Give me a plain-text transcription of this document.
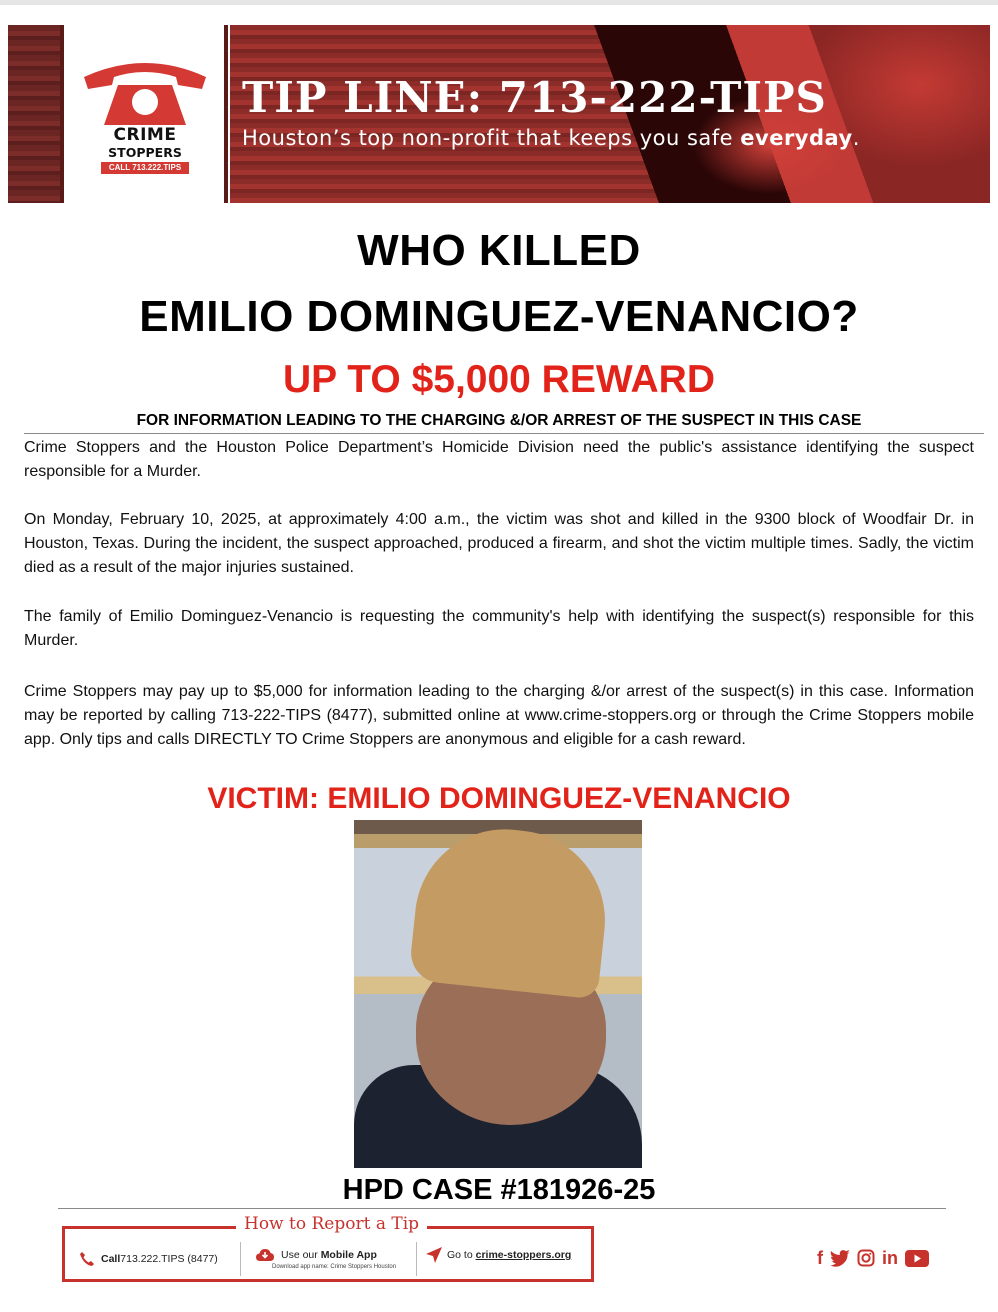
CRIME
STOPPERS
CALL 713.222.TIPS
TIP LINE: 713-222-TIPS
Houston’s top non-profit that keeps you safe everyday.
WHO KILLED
EMILIO DOMINGUEZ-VENANCIO?
UP TO $5,000 REWARD
FOR INFORMATION LEADING TO THE CHARGING &/OR ARREST OF THE SUSPECT IN THIS CASE
Crime Stoppers and the Houston Police Department’s Homicide Division need the public's assistance identifying the suspect responsible for a Murder.
On Monday, February 10, 2025, at approximately 4:00 a.m., the victim was shot and killed in the 9300 block of Woodfair Dr. in Houston, Texas. During the incident, the suspect approached, produced a firearm, and shot the victim multiple times. Sadly, the victim died as a result of the major injuries sustained.
The family of Emilio Dominguez-Venancio is requesting the community's help with identifying the suspect(s) responsible for this Murder.
Crime Stoppers may pay up to $5,000 for information leading to the charging &/or arrest of the suspect(s) in this case. Information may be reported by calling 713-222-TIPS (8477), submitted online at www.crime-stoppers.org or through the Crime Stoppers mobile app. Only tips and calls DIRECTLY TO Crime Stoppers are anonymous and eligible for a cash reward.
VICTIM: EMILIO DOMINGUEZ-VENANCIO
HPD CASE #181926-25
How to Report a Tip
Call 713.222.TIPS (8477)	Use our
Mobile App
Download app name: Crime Stoppers Houston
Go to
crime-stoppers.org	f	in
